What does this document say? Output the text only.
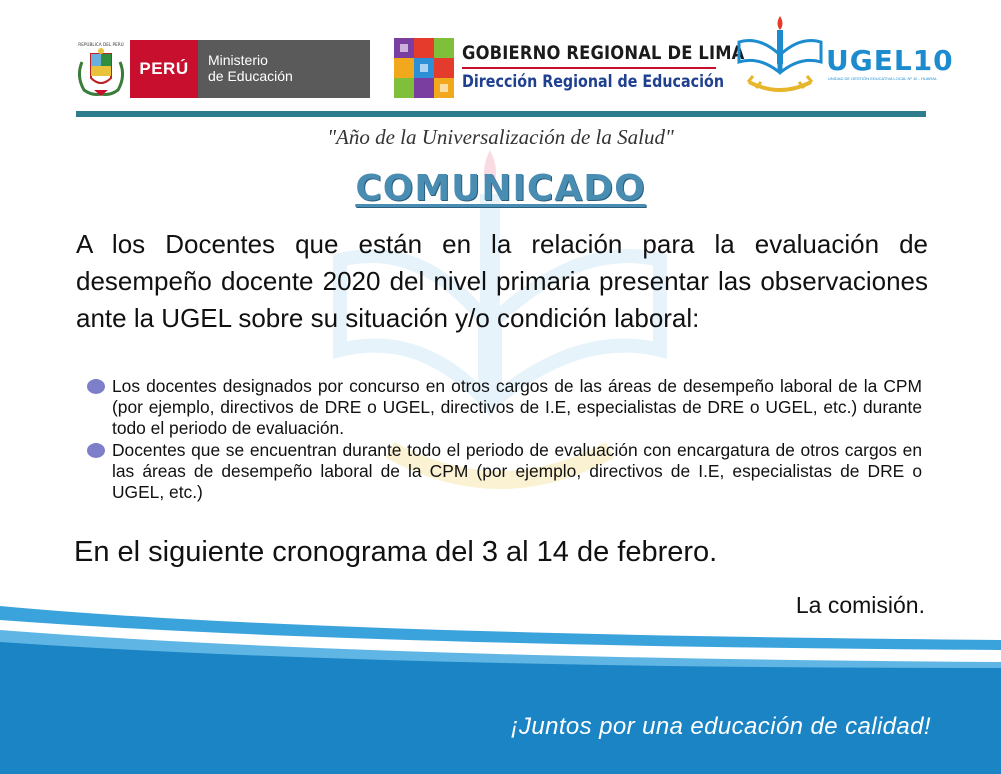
REPÚBLICA DEL PERÚ
PERÚ Ministerio
de Educación
GOBIERNO REGIONAL DE LIMA
Dirección Regional de Educación
UGEL10
UNIDAD DE GESTIÓN EDUCATIVA LOCAL Nº 10 - HUARAL
"Año de la Universalización de la Salud"
COMUNICADO
A los Docentes que están en la relación para la evaluación de desempeño docente 2020 del nivel primaria presentar las observaciones ante la UGEL sobre su situación y/o condición laboral:
Los docentes designados por concurso en otros cargos de las áreas de desempeño laboral de la CPM (por ejemplo, directivos de DRE o UGEL, directivos de I.E, especialistas de DRE o UGEL, etc.) durante todo el periodo de evaluación.
Docentes que se encuentran durante todo el periodo de evaluación con encargatura de otros cargos en las áreas de desempeño laboral de la CPM (por ejemplo, directivos de I.E, especialistas de DRE o UGEL, etc.)
En el siguiente cronograma del 3 al 14 de febrero.
La comisión.
¡Juntos por una educación de calidad!
